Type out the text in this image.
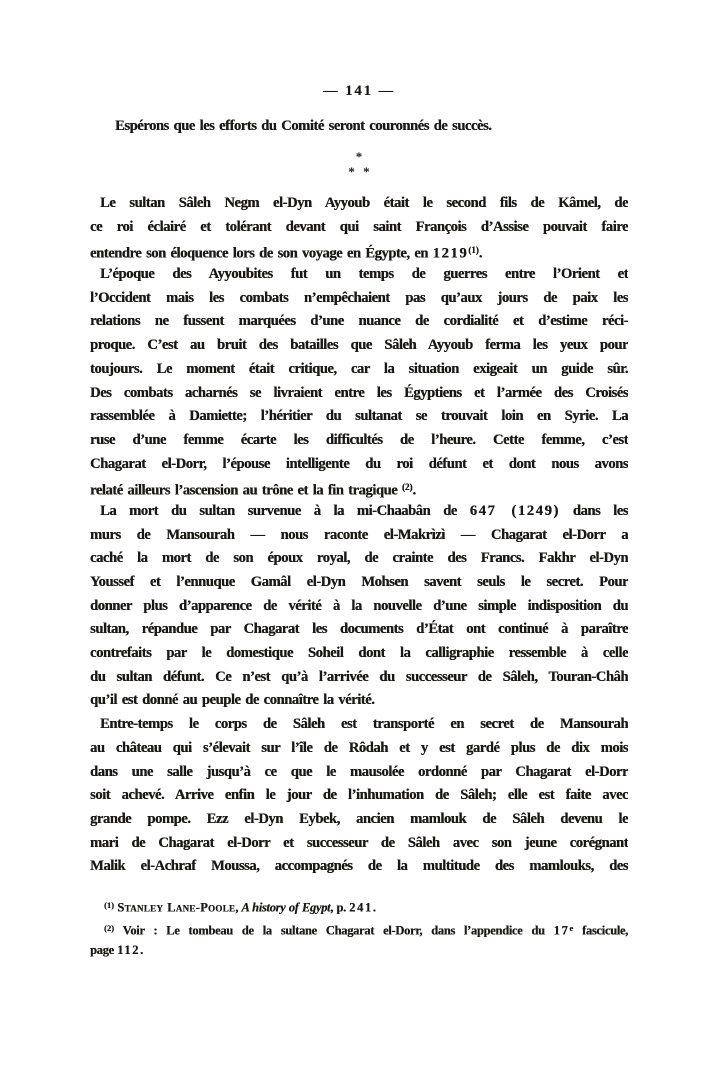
— 141 —
Espérons que les efforts du Comité seront couronnés de succès.
*
* *
Le sultan Sâleh Negm el-Dyn Ayyoub était le second fils de Kâmel, de
ce roi éclairé et tolérant devant qui saint François d’Assise pouvait faire
entendre son éloquence lors de son voyage en Égypte, en 1219$^{(1)}$.
L’époque des Ayyoubites fut un temps de guerres entre l’Orient et
l’Occident mais les combats n’empêchaient pas qu’aux jours de paix les
relations ne fussent marquées d’une nuance de cordialité et d’estime réci-
proque. C’est au bruit des batailles que Sâleh Ayyoub ferma les yeux pour
toujours. Le moment était critique, car la situation exigeait un guide sûr.
Des combats acharnés se livraient entre les Égyptiens et l’armée des Croisés
rassemblée à Damiette; l’héritier du sultanat se trouvait loin en Syrie. La
ruse d’une femme écarte les difficultés de l’heure. Cette femme, c’est
Chagarat el-Dorr, l’épouse intelligente du roi défunt et dont nous avons
relaté ailleurs l’ascension au trône et la fin tragique $^{(2)}$.
La mort du sultan survenue à la mi-Chaabân de 647 (1249) dans les
murs de Mansourah — nous raconte el-Makrìzì — Chagarat el-Dorr a
caché la mort de son époux royal, de crainte des Francs. Fakhr el-Dyn
Youssef et l’ennuque Gamâl el-Dyn Mohsen savent seuls le secret. Pour
donner plus d’apparence de vérité à la nouvelle d’une simple indisposition du
sultan, répandue par Chagarat les documents d’État ont continué à paraître
contrefaits par le domestique Soheil dont la calligraphie ressemble à celle
du sultan défunt. Ce n’est qu’à l’arrivée du successeur de Sâleh, Touran-Châh
qu’il est donné au peuple de connaître la vérité.
Entre-temps le corps de Sâleh est transporté en secret de Mansourah
au château qui s’élevait sur l’île de Rôdah et y est gardé plus de dix mois
dans une salle jusqu’à ce que le mausolée ordonné par Chagarat el-Dorr
soit achevé. Arrive enfin le jour de l’inhumation de Sâleh; elle est faite avec
grande pompe. Ezz el-Dyn Eybek, ancien mamlouk de Sâleh devenu le
mari de Chagarat el-Dorr et successeur de Sâleh avec son jeune corégnant
Malik el-Achraf Moussa, accompagnés de la multitude des mamlouks, des
$^{(1)}$ Stanley Lane-Poole, A history of Egypt, p. 241.
$^{(2)}$ Voir : Le tombeau de la sultane Chagarat el-Dorr, dans l’appendice du 17e fascicule,
page 112.
